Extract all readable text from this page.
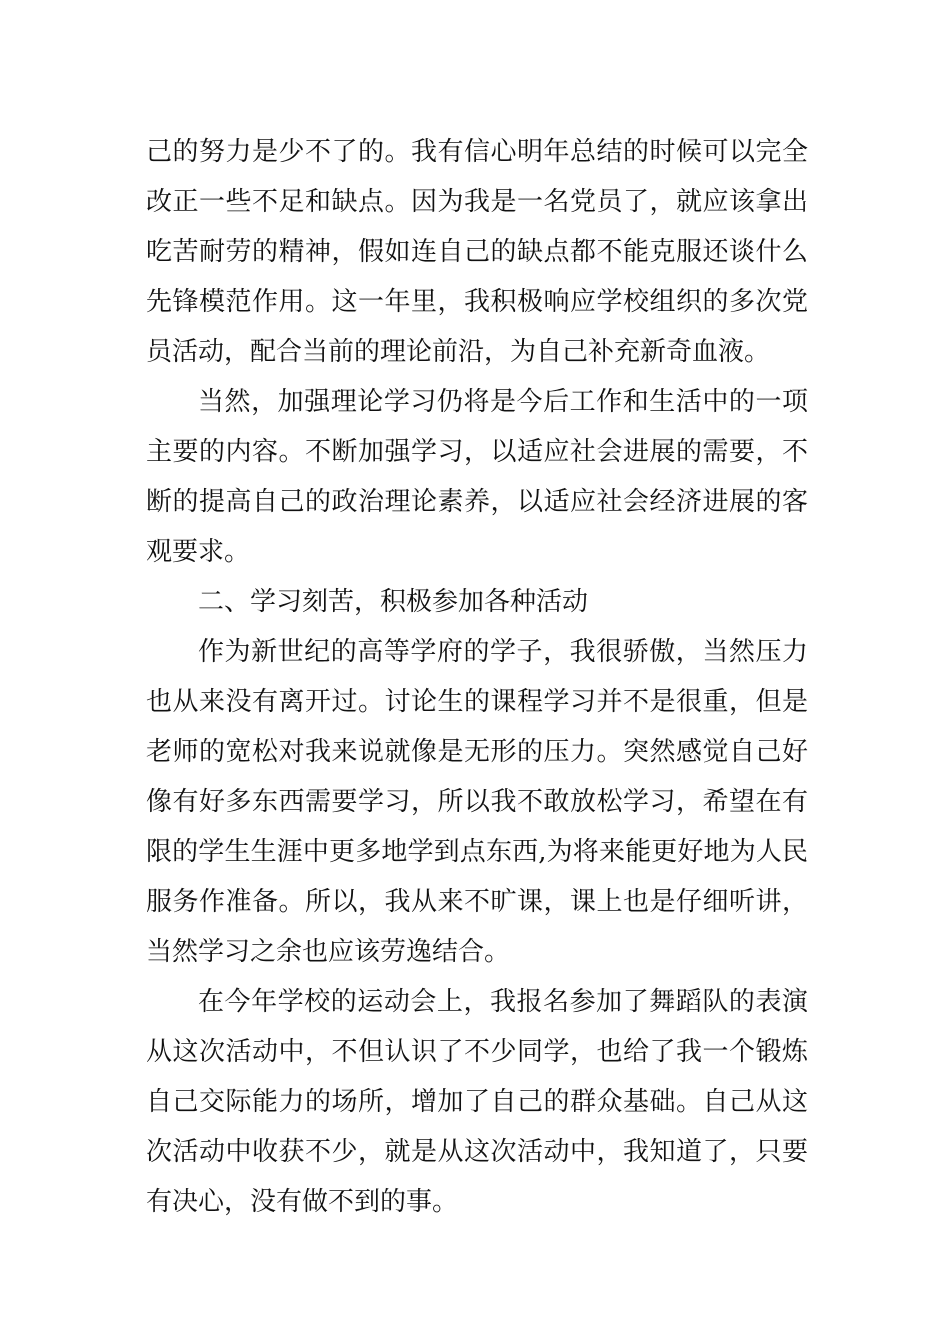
己的努力是少不了的。我有信心明年总结的时候可以完全
改正一些不足和缺点。因为我是一名党员了，就应该拿出
吃苦耐劳的精神，假如连自己的缺点都不能克服还谈什么
先锋模范作用。这一年里，我积极响应学校组织的多次党
员活动，配合当前的理论前沿，为自己补充新奇血液。
当然，加强理论学习仍将是今后工作和生活中的一项
主要的内容。不断加强学习，以适应社会进展的需要，不
断的提高自己的政治理论素养，以适应社会经济进展的客
观要求。
二、学习刻苦，积极参加各种活动
作为新世纪的高等学府的学子，我很骄傲，当然压力
也从来没有离开过。讨论生的课程学习并不是很重，但是
老师的宽松对我来说就像是无形的压力。突然感觉自己好
像有好多东西需要学习，所以我不敢放松学习，希望在有
限的学生生涯中更多地学到点东西,为将来能更好地为人民
服务作准备。所以，我从来不旷课，课上也是仔细听讲，
当然学习之余也应该劳逸结合。
在今年学校的运动会上，我报名参加了舞蹈队的表演
从这次活动中，不但认识了不少同学，也给了我一个锻炼
自己交际能力的场所，增加了自己的群众基础。自己从这
次活动中收获不少，就是从这次活动中，我知道了，只要
有决心，没有做不到的事。
